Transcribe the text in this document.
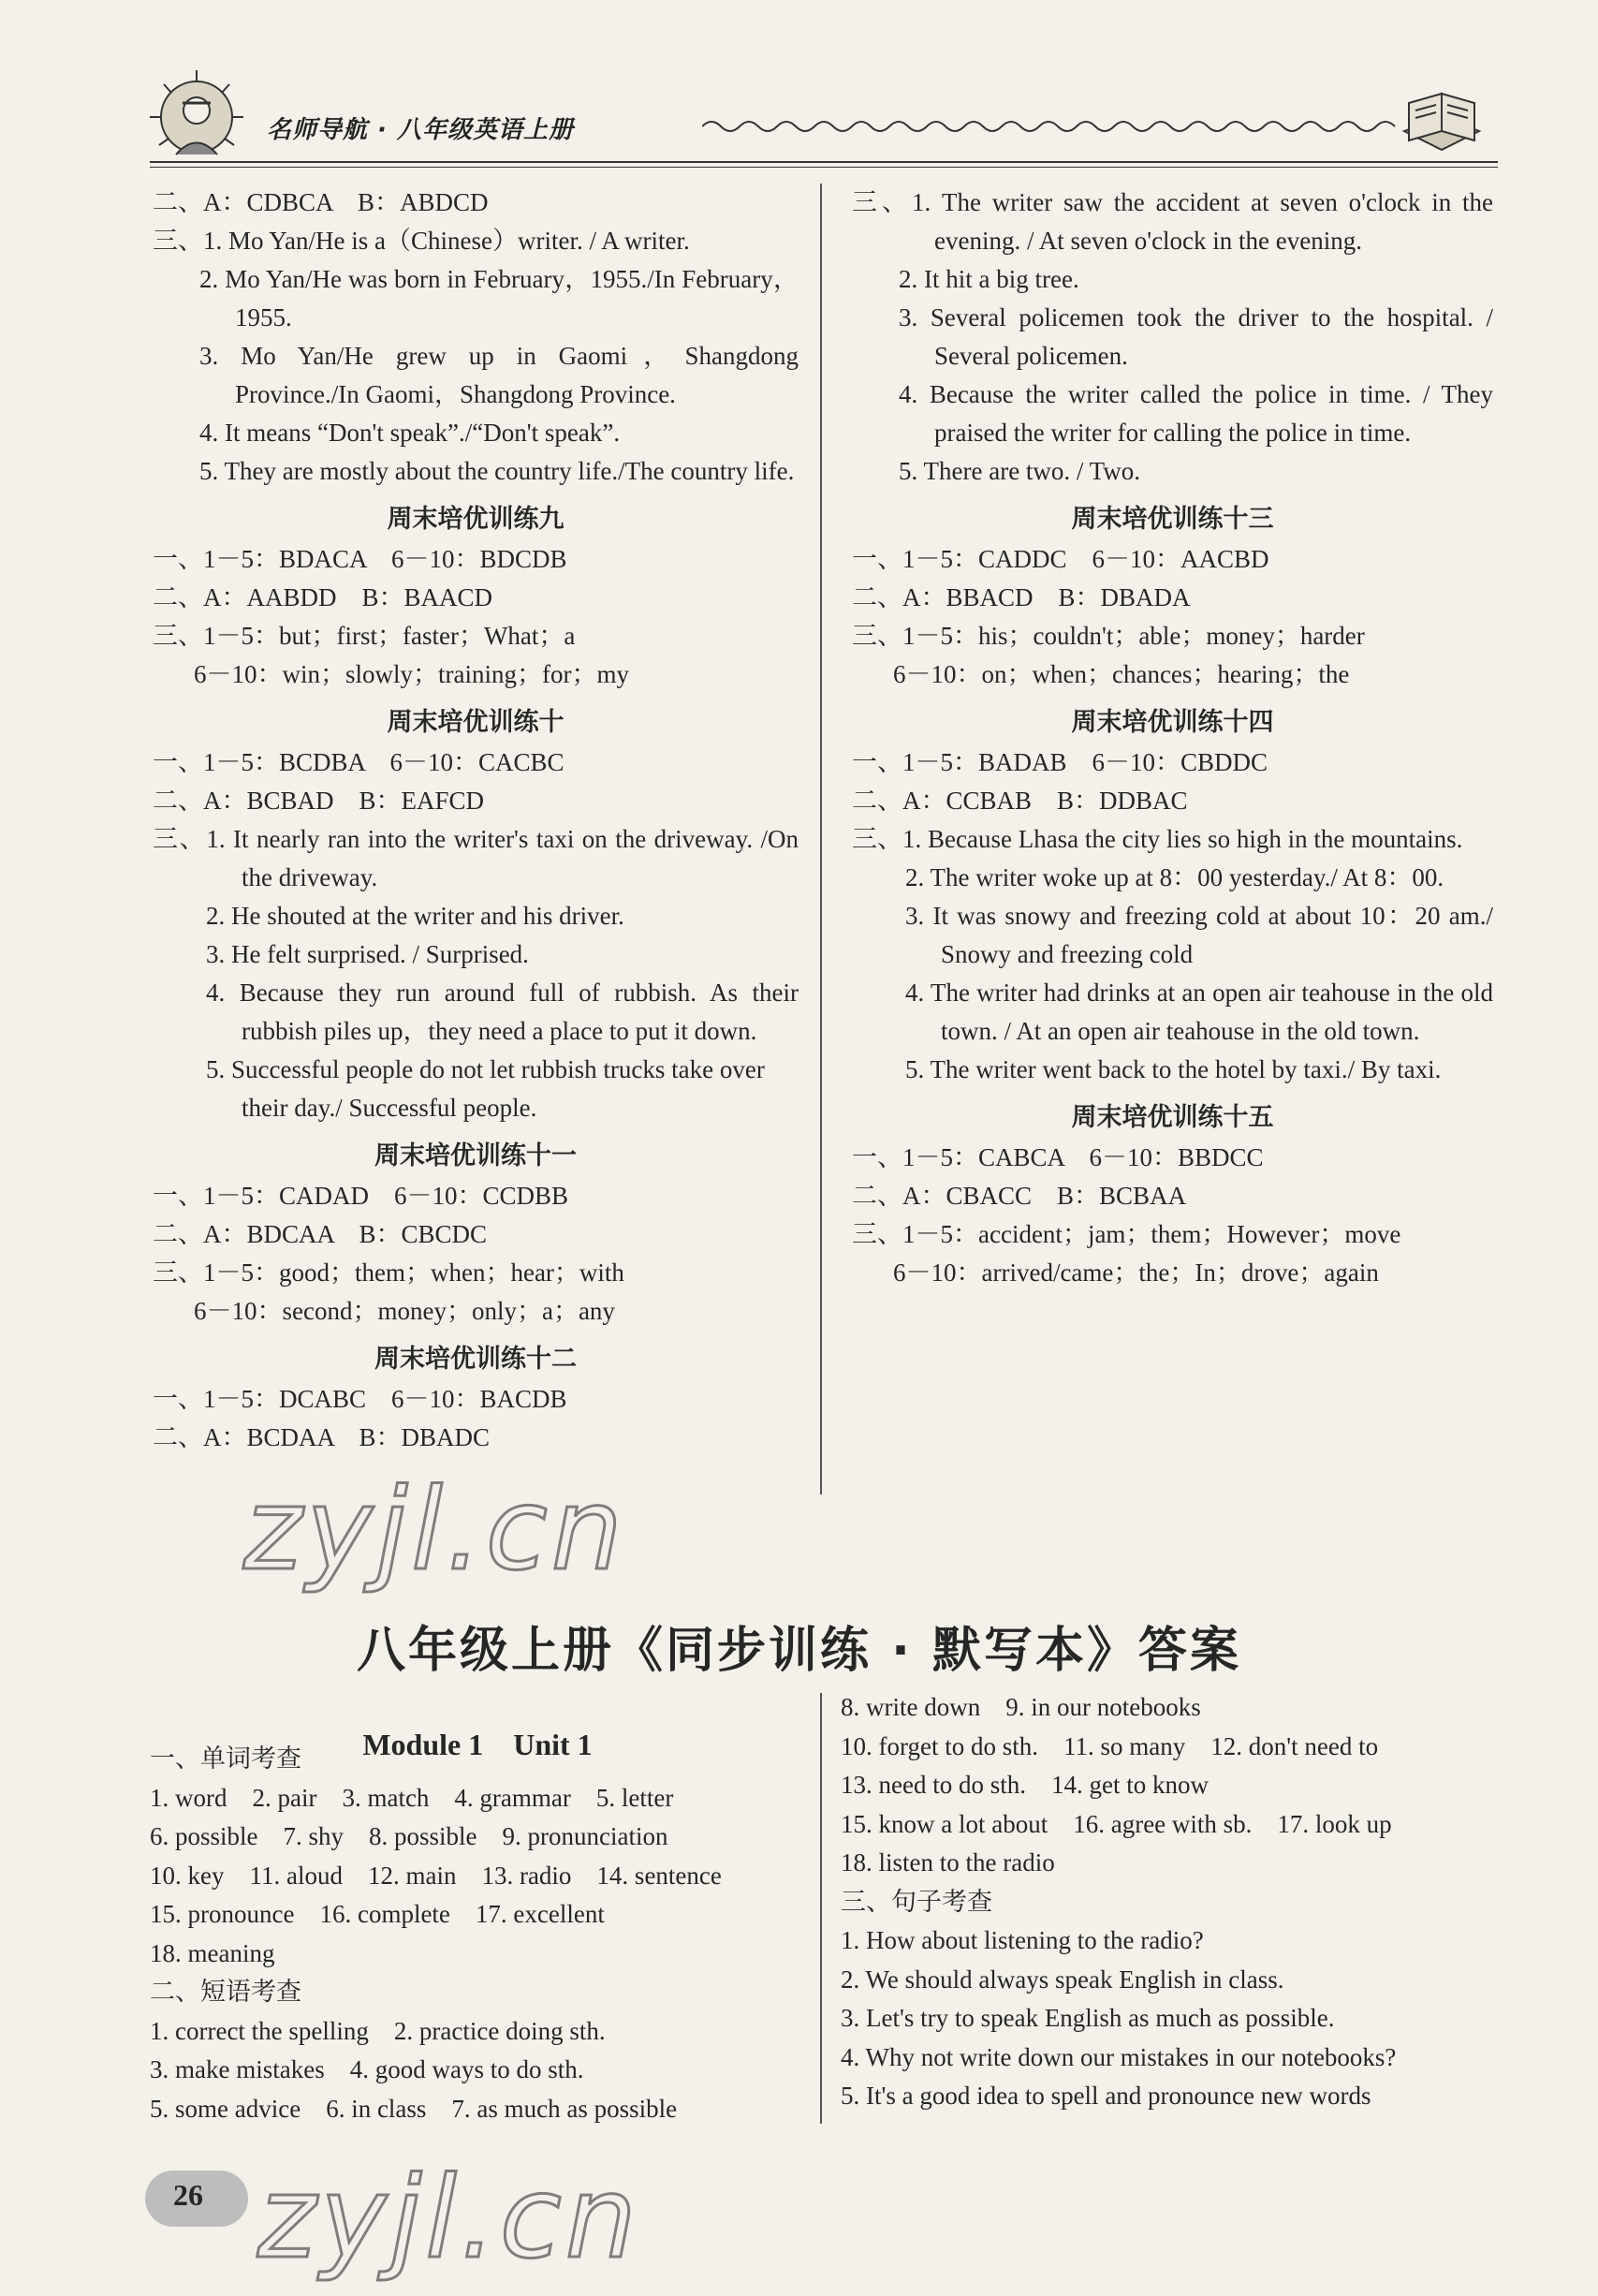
名师导航 · 八年级英语上册
二、A：CDBCA　B：ABDCD
三、1. Mo Yan/He is a（Chinese）writer. / A writer.
2. Mo Yan/He was born in February，1955./In February，1955.
3. Mo Yan/He grew up in Gaomi，Shangdong Province./In Gaomi，Shangdong Province.
4. It means “Don't speak”./“Don't speak”.
5. They are mostly about the country life./The country life.
周末培优训练九
一、1－5：BDACA　6－10：BDCDB
二、A：AABDD　B：BAACD
三、1－5：but；first；faster；What；a
6－10：win；slowly；training；for；my
周末培优训练十
一、1－5：BCDBA　6－10：CACBC
二、A：BCBAD　B：EAFCD
三、1. It nearly ran into the writer's taxi on the driveway. /On the driveway.
2. He shouted at the writer and his driver.
3. He felt surprised. / Surprised.
4. Because they run around full of rubbish. As their rubbish piles up，they need a place to put it down.
5. Successful people do not let rubbish trucks take over their day./ Successful people.
周末培优训练十一
一、1－5：CADAD　6－10：CCDBB
二、A：BDCAA　B：CBCDC
三、1－5：good；them；when；hear；with
6－10：second；money；only；a；any
周末培优训练十二
一、1－5：DCABC　6－10：BACDB
二、A：BCDAA　B：DBADC
三、1. The writer saw the accident at seven o'clock in the evening. / At seven o'clock in the evening.
2. It hit a big tree.
3. Several policemen took the driver to the hospital. / Several policemen.
4. Because the writer called the police in time. / They praised the writer for calling the police in time.
5. There are two. / Two.
周末培优训练十三
一、1－5：CADDC　6－10：AACBD
二、A：BBACD　B：DBADA
三、1－5：his；couldn't；able；money；harder
6－10：on；when；chances；hearing；the
周末培优训练十四
一、1－5：BADAB　6－10：CBDDC
二、A：CCBAB　B：DDBAC
三、1. Because Lhasa the city lies so high in the mountains.
2. The writer woke up at 8：00 yesterday./ At 8：00.
3. It was snowy and freezing cold at about 10：20 am./ Snowy and freezing cold
4. The writer had drinks at an open air teahouse in the old town. / At an open air teahouse in the old town.
5. The writer went back to the hotel by taxi./ By taxi.
周末培优训练十五
一、1－5：CABCA　6－10：BBDCC
二、A：CBACC　B：BCBAA
三、1－5：accident；jam；them；However；move
6－10：arrived/came；the；In；drove；again
八年级上册《同步训练 · 默写本》答案
Module 1　Unit 1
一、单词考查
1. word　2. pair　3. match　4. grammar　5. letter
6. possible　7. shy　8. possible　9. pronunciation
10. key　11. aloud　12. main　13. radio　14. sentence
15. pronounce　16. complete　17. excellent
18. meaning
二、短语考查
1. correct the spelling　2. practice doing sth.
3. make mistakes　4. good ways to do sth.
5. some advice　6. in class　7. as much as possible
8. write down　9. in our notebooks
10. forget to do sth.　11. so many　12. don't need to
13. need to do sth.　14. get to know
15. know a lot about　16. agree with sb.　17. look up
18. listen to the radio
三、句子考查
1. How about listening to the radio?
2. We should always speak English in class.
3. Let's try to speak English as much as possible.
4. Why not write down our mistakes in our notebooks?
5. It's a good idea to spell and pronounce new words
26
zyjl.cn
zyjl.cn
